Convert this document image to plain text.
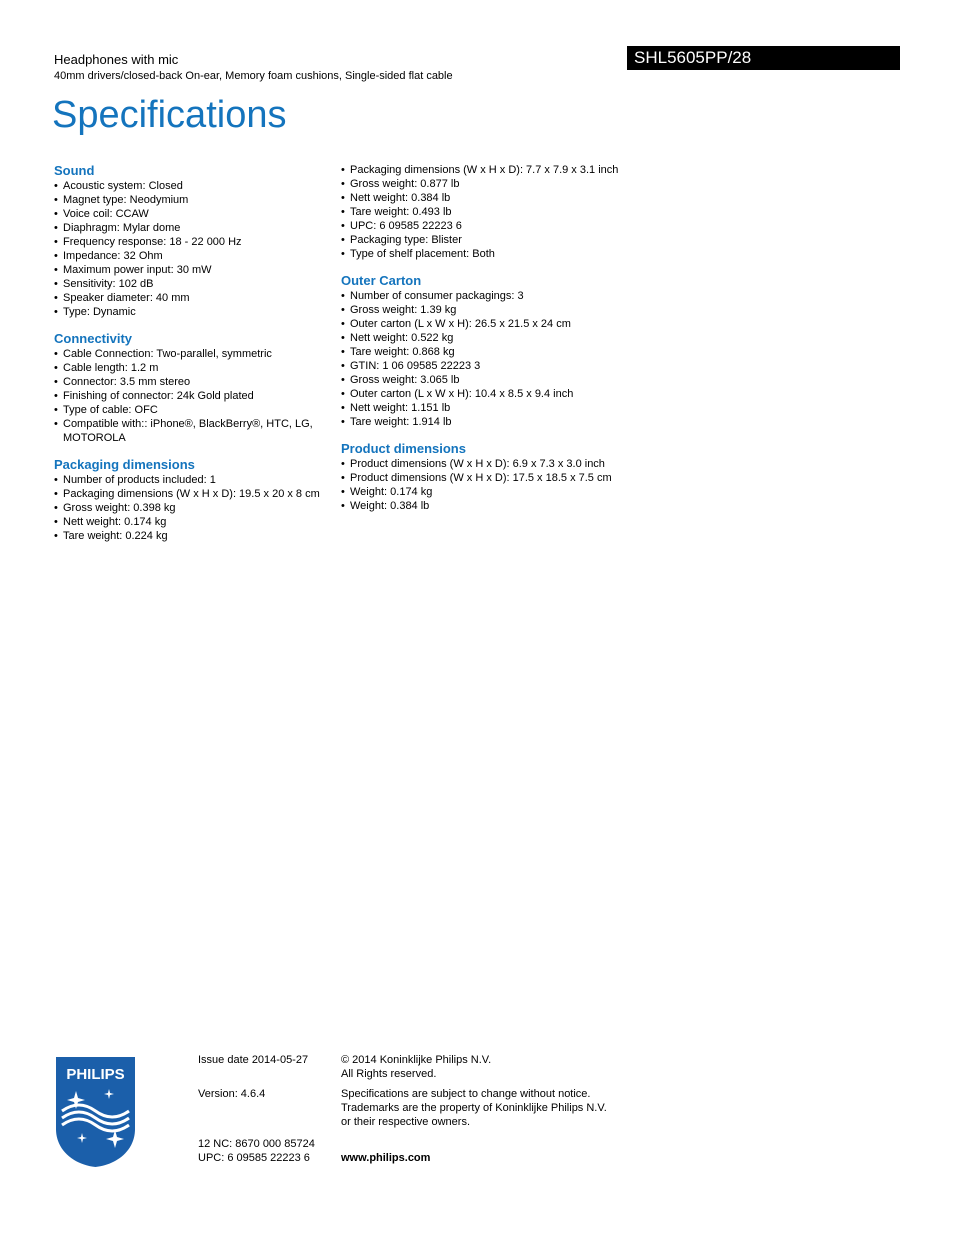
Headphones with mic
40mm drivers/closed-back On-ear, Memory foam cushions, Single-sided flat cable
SHL5605PP/28
Specifications
Sound
• Acoustic system: Closed
• Magnet type: Neodymium
• Voice coil: CCAW
• Diaphragm: Mylar dome
• Frequency response: 18 - 22 000 Hz
• Impedance: 32 Ohm
• Maximum power input: 30 mW
• Sensitivity: 102 dB
• Speaker diameter: 40 mm
• Type: Dynamic
Connectivity
• Cable Connection: Two-parallel, symmetric
• Cable length: 1.2 m
• Connector: 3.5 mm stereo
• Finishing of connector: 24k Gold plated
• Type of cable: OFC
• Compatible with:: iPhone®, BlackBerry®, HTC, LG, MOTOROLA
Packaging dimensions
• Number of products included: 1
• Packaging dimensions (W x H x D): 19.5 x 20 x 8 cm
• Gross weight: 0.398 kg
• Nett weight: 0.174 kg
• Tare weight: 0.224 kg
• Packaging dimensions (W x H x D): 7.7 x 7.9 x 3.1 inch
• Gross weight: 0.877 lb
• Nett weight: 0.384 lb
• Tare weight: 0.493 lb
• UPC: 6 09585 22223 6
• Packaging type: Blister
• Type of shelf placement: Both
Outer Carton
• Number of consumer packagings: 3
• Gross weight: 1.39 kg
• Outer carton (L x W x H): 26.5 x 21.5 x 24 cm
• Nett weight: 0.522 kg
• Tare weight: 0.868 kg
• GTIN: 1 06 09585 22223 3
• Gross weight: 3.065 lb
• Outer carton (L x W x H): 10.4 x 8.5 x 9.4 inch
• Nett weight: 1.151 lb
• Tare weight: 1.914 lb
Product dimensions
• Product dimensions (W x H x D): 6.9 x 7.3 x 3.0 inch
• Product dimensions (W x H x D): 17.5 x 18.5 x 7.5 cm
• Weight: 0.174 kg
• Weight: 0.384 lb
PHILIPS
Issue date 2014-05-27
Version: 4.6.4
12 NC: 8670 000 85724
UPC: 6 09585 22223 6
© 2014 Koninklijke Philips N.V.
All Rights reserved.
Specifications are subject to change without notice.
Trademarks are the property of Koninklijke Philips N.V.
or their respective owners.
www.philips.com
